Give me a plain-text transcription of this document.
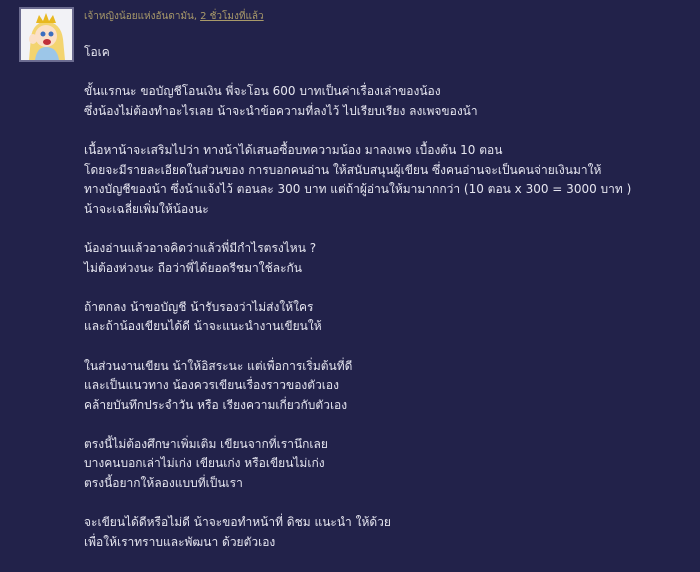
เจ้าหญิงน้อยแห่งอันดามัน, 2 ชั่วโมงที่แล้ว

โอเค

ขั้นแรกนะ ขอบัญชีโอนเงิน พี่จะโอน 600 บาทเป็นค่าเรื่องเล่าของน้อง
ซึ่งน้องไม่ต้องทำอะไรเลย น้าจะนำข้อความที่ลงไว้ ไปเรียบเรียง ลงเพจของน้า

เนื้อหาน้าจะเสริมไปว่า ทางน้าได้เสนอซื้อบทความน้อง มาลงเพจ เบื้องต้น 10 ตอน
โดยจะมีรายละเอียดในส่วนของ การบอกคนอ่าน ให้สนับสนุนผู้เขียน ซึ่งคนอ่านจะเป็นคนจ่ายเงินมาให้
ทางบัญชีของน้า ซึ่งน้าแจ้งไว้ ตอนละ 300 บาท แต่ถ้าผู้อ่านให้มามากกว่า (10 ตอน x 300 = 3000 บาท )
น้าจะเฉลี่ยเพิ่มให้น้องนะ

น้องอ่านแล้วอาจคิดว่าแล้วพี่มีกำไรตรงไหน ?
ไม่ต้องห่วงนะ ถือว่าพี่ได้ยอดรีชมาใช้ละกัน

ถ้าตกลง น้าขอบัญชี น้ารับรองว่าไม่ส่งให้ใคร
และถ้าน้องเขียนได้ดี น้าจะแนะนำงานเขียนให้

ในส่วนงานเขียน น้าให้อิสระนะ แต่เพื่อการเริ่มต้นที่ดี
และเป็นแนวทาง น้องควรเขียนเรื่องราวของตัวเอง
คล้ายบันทึกประจำวัน หรือ เรียงความเกี่ยวกับตัวเอง

ตรงนี้ไม่ต้องศึกษาเพิ่มเติม เขียนจากที่เรานึกเลย
บางคนบอกเล่าไม่เก่ง เขียนเก่ง หรือเขียนไม่เก่ง
ตรงนี้อยากให้ลองแบบที่เป็นเรา

จะเขียนได้ดีหรือไม่ดี น้าจะขอทำหน้าที่ ดิชม แนะนำ ให้ด้วย
เพื่อให้เราทราบและพัฒนา ด้วยตัวเอง
